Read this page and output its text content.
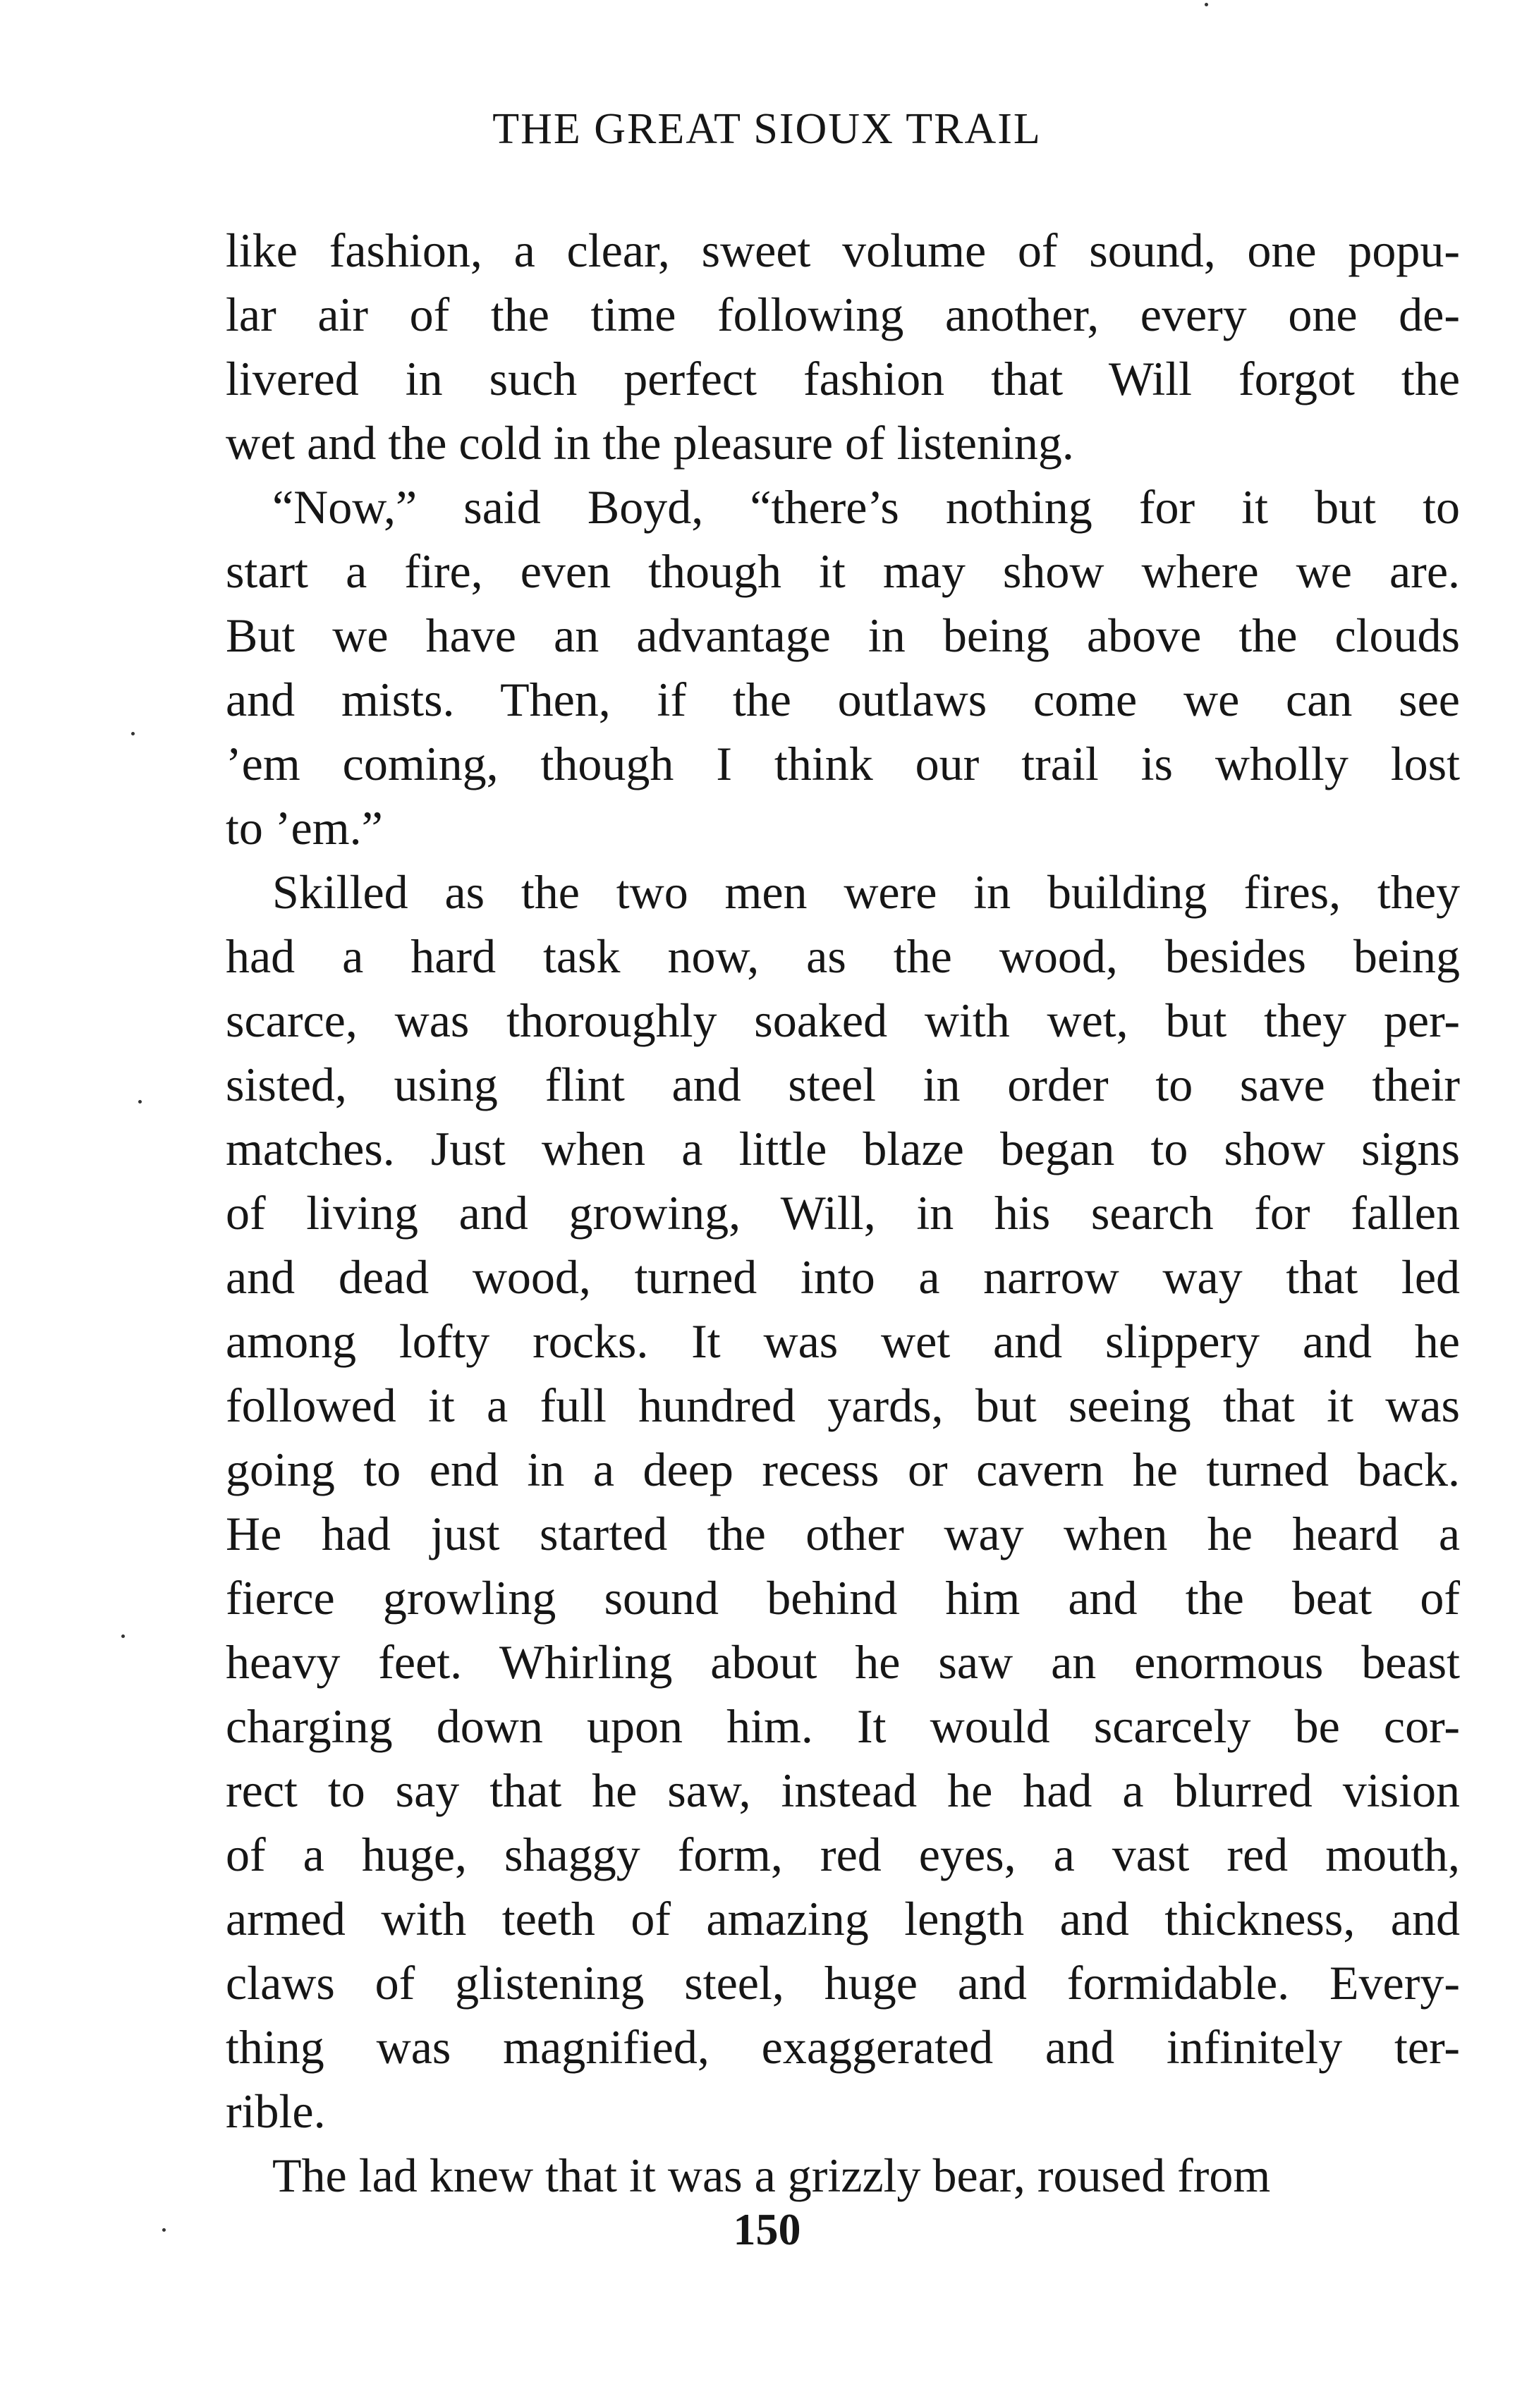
THE GREAT SIOUX TRAIL

like fashion, a clear, sweet volume of sound, one popu-
lar air of the time following another, every one de-
livered in such perfect fashion that Will forgot the
wet and the cold in the pleasure of listening.

“Now,” said Boyd, “there’s nothing for it but to
start a fire, even though it may show where we are.
But we have an advantage in being above the clouds
and mists. Then, if the outlaws come we can see
’em coming, though I think our trail is wholly lost
to ’em.”

Skilled as the two men were in building fires, they
had a hard task now, as the wood, besides being
scarce, was thoroughly soaked with wet, but they per-
sisted, using flint and steel in order to save their
matches. Just when a little blaze began to show signs
of living and growing, Will, in his search for fallen
and dead wood, turned into a narrow way that led
among lofty rocks. It was wet and slippery and he
followed it a full hundred yards, but seeing that it was
going to end in a deep recess or cavern he turned back.
He had just started the other way when he heard a
fierce growling sound behind him and the beat of
heavy feet. Whirling about he saw an enormous beast
charging down upon him. It would scarcely be cor-
rect to say that he saw, instead he had a blurred vision
of a huge, shaggy form, red eyes, a vast red mouth,
armed with teeth of amazing length and thickness, and
claws of glistening steel, huge and formidable. Every-
thing was magnified, exaggerated and infinitely ter-
rible.

The lad knew that it was a grizzly bear, roused from

150
